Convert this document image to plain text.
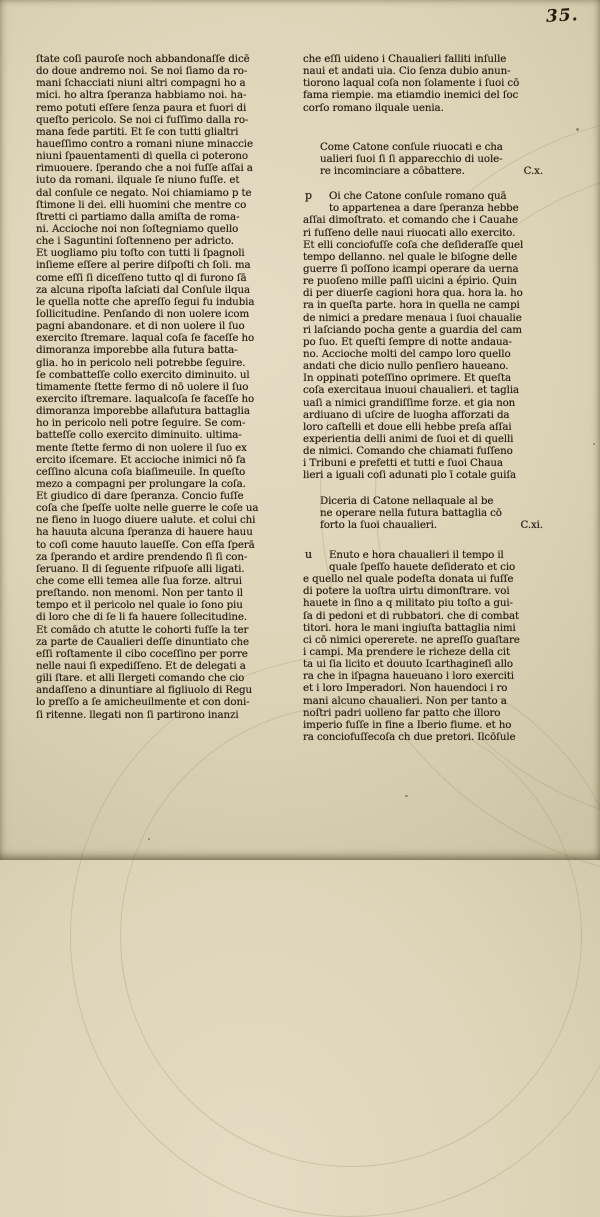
35.
ſtate coſi pauroſe noch abbandonaſſe dicē
do doue andremo noi. Se noi ſiamo da ro-
mani ſchacciati niuni altri compagni ho a
mici. ho altra ſperanza habbiamo noi. ha-
remo potuti eſſere ſenza paura et fuori di
queſto pericolo. Se noi ci fuſſimo dalla ro-
mana fede partiti. Et ſe con tutti glialtri
haueſſimo contro a romani niune minaccie
niuni ſpauentamenti di quella ci poterono
rimuouere. ſperando che a noi fuſſe aſſai a
iuto da romani. ilquale ſe niuno fuſſe. et
dal conſule ce negato. Noi chiamiamo p te
ſtimone li dei. elli huomini che mentre co
ſtretti ci partiamo dalla amiſta de roma-
ni. Accioche noi non ſoſtegniamo quello
che i Saguntini ſoſtenneno per adricto.
Et uogliamo piu toſto con tutti li ſpagnoli
inſieme eſſere al perire diſpoſti ch ſoli. ma
come eſſi ſi diceſſeno tutto ql di furono ſā
za alcuna ripoſta laſciati dal Conſule ilqua
le quella notte che apreſſo ſegui fu indubia
ſollicitudine. Penſando di non uolere icom
pagni abandonare. et di non uolere il ſuo
exercito ſtremare. laqual coſa ſe faceſſe ho
dimoranza imporebbe alla futura batta-
glia. ho in pericolo neli potrebbe ſeguire.
ſe combatteſſe collo exercito diminuito. ul
timamente ſtette fermo di nō uolere il ſuo
exercito iſtremare. laqualcoſa ſe faceſſe ho
dimoranza imporebbe allafutura battaglia
ho in pericolo neli potre ſeguire. Se com-
batteſſe collo exercito diminuito. ultima-
mente ſtette fermo di non uolere il ſuo ex
ercito iſcemare. Et accioche inimici nō fa
ceſſino alcuna coſa biaſimeuile. In queſto
mezo a compagni per prolungare la coſa.
Et giudico di dare ſperanza. Concio fuſſe
coſa che ſpeſſe uolte nelle guerre le coſe ua
ne fieno in luogo diuere ualute. et colui chi
ha hauuta alcuna ſperanza di hauere hauu
to coſi come hauuto laueſſe. Con eſſa ſperā
za ſperando et ardire prendendo ſi ſi con-
ſeruano. Il di ſeguente riſpuoſe alli ligati.
che come elli temea alle ſua forze. altrui
preſtando. non menomi. Non per tanto il
tempo et il pericolo nel quale io ſono piu
di loro che di ſe li fa hauere ſollecitudine.
Et comādo ch atutte le cohorti fuſſe la ter
za parte de Caualieri deſſe dinuntiato che
eſſi roſtamente il cibo coceſſino per porre
nelle naui ſi expediſſeno. Et de delegati a
gili ſtare. et alli Ilergeti comando che cio
andaſſeno a dinuntiare al figliuolo di Regu
lo preſſo a ſe amicheuilmente et con doni-
ſi ritenne. llegati non ſi partirono inanzi
che eſſi uideno i Chaualieri falliti inſulle
naui et andati uia. Cio ſenza dubio anun-
tiorono laqual coſa non ſolamente i ſuoi cō
fama riempie. ma etiamdio inemici del ſoc
corſo romano ilquale uenia.
Come Catone conſule riuocati e cha
ualieri ſuoi ſi ſi apparecchio di uole-
re incominciare a cōbattere.	C.x.
p	Oi che Catone conſule romano quā
to appartenea a dare ſperanza hebbe
aſſai dimoſtrato. et comando che i Cauahe
ri fuſſeno delle naui riuocati allo exercito.
Et elli conciofuſſe coſa che deſideraſſe quel
tempo dellanno. nel quale le biſogne delle
guerre ſi poſſono icampi operare da uerna
re puoſeno mille paſſi uicini a épirio. Quin
di per diuerſe cagioni hora qua. hora la. ho
ra in queſta parte. hora in quella ne campi
de nimici a predare menaua i ſuoi chaualie
ri laſciando pocha gente a guardia del cam
po ſuo. Et queſti ſempre di notte andaua-
no. Accioche molti del campo loro quello
andati che dicio nullo penſiero haueano.
In oppinati poteſſino oprimere. Et queſta
coſa exercitaua inuoui chaualieri. et taglia
uaſi a nimici grandiſſime forze. et gia non
ardiuano di uſcire de luogha afforzati da
loro caſtelli et doue elli hebbe preſa aſſai
experientia delli animi de ſuoi et di quelli
de nimici. Comando che chiamati fuſſeno
i Tribuni e prefetti et tutti e ſuoi Chaua
lieri a iguali coſi adunati plo ī cotale guiſa
Diceria di Catone nellaquale al be
ne operare nella futura battaglia cō
forto la ſuoi chaualieri.	C.xi.
u	Enuto e hora chaualieri il tempo il
quale ſpeſſo hauete deſiderato et cio
e quello nel quale podeſta donata ui fuſſe
di potere la uoſtra uirtu dimonſtrare. voi
hauete in ſino a q militato piu toſto a gui-
ſa di pedoni et di rubbatori. che di combat
titori. hora le mani ingiuſta battaglia nimi
ci cō nimici opererete. ne apreſſo guaſtare
i campi. Ma prendere le richeze della cit
ta ui ſia licito et douuto Icarthagineſi allo
ra che in iſpagna haueuano i loro exerciti
et i loro Imperadori. Non hauendoci i ro
mani alcuno chaualieri. Non per tanto a
noſtri padri uolleno far patto che illoro
imperio fuſſe in fine a Iberio fiume. et ho
ra conciofuſſecoſa ch due pretori. Ilcōſule
